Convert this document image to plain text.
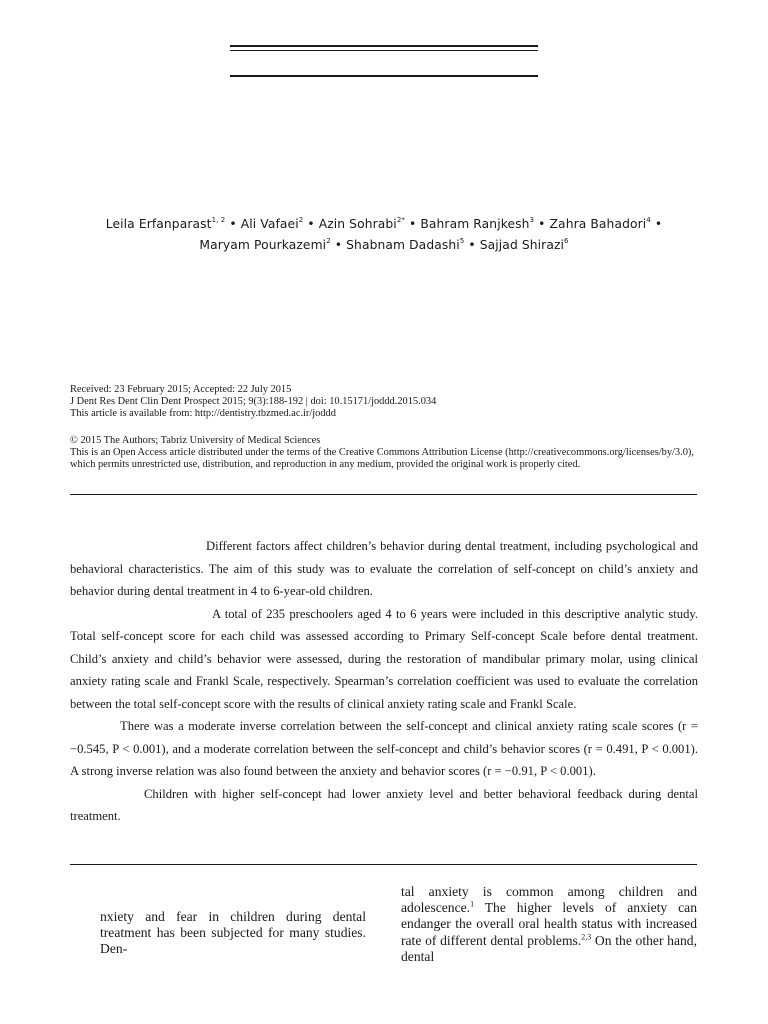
Leila Erfanparast$^{1, 2}$ • Ali Vafaei$^2$ • Azin Sohrabi$^{2*}$ • Bahram Ranjkesh$^3$ • Zahra Bahadori$^4$ • Maryam Pourkazemi$^2$ • Shabnam Dadashi$^5$ • Sajjad Shirazi$^6$
Received: 23 February 2015; Accepted: 22 July 2015
J Dent Res Dent Clin Dent Prospect 2015; 9(3):188-192 | doi: 10.15171/joddd.2015.034
This article is available from: http://dentistry.tbzmed.ac.ir/joddd
© 2015 The Authors; Tabriz University of Medical Sciences
This is an Open Access article distributed under the terms of the Creative Commons Attribution License (http://creativecommons.org/licenses/by/3.0),
which permits unrestricted use, distribution, and reproduction in any medium, provided the original work is properly cited.

Different factors affect children’s behavior during dental treatment, including psychological and behavioral characteristics. The aim of this study was to evaluate the correlation of self-concept on child’s anxiety and behavior during dental treatment in 4 to 6-year-old children.

A total of 235 preschoolers aged 4 to 6 years were included in this descriptive analytic study. Total self-concept score for each child was assessed according to Primary Self-concept Scale before dental treatment. Child’s anxiety and child’s behavior were assessed, during the restoration of mandibular primary molar, using clinical anxiety rating scale and Frankl Scale, respectively. Spearman’s correlation coefficient was used to evaluate the correlation between the total self-concept score with the results of clinical anxiety rating scale and Frankl Scale.

There was a moderate inverse correlation between the self-concept and clinical anxiety rating scale scores (r = −0.545, P < 0.001), and a moderate correlation between the self-concept and child’s behavior scores (r = 0.491, P < 0.001). A strong inverse relation was also found between the anxiety and behavior scores (r = −0.91, P < 0.001).

Children with higher self-concept had lower anxiety level and better behavioral feedback during dental treatment.

nxiety and fear in children during dental treatment has been subjected for many studies. Den-

tal anxiety is common among children and adolescence.$^1$ The higher levels of anxiety can endanger the overall oral health status with increased rate of different dental problems.$^{2,3}$ On the other hand, dental
